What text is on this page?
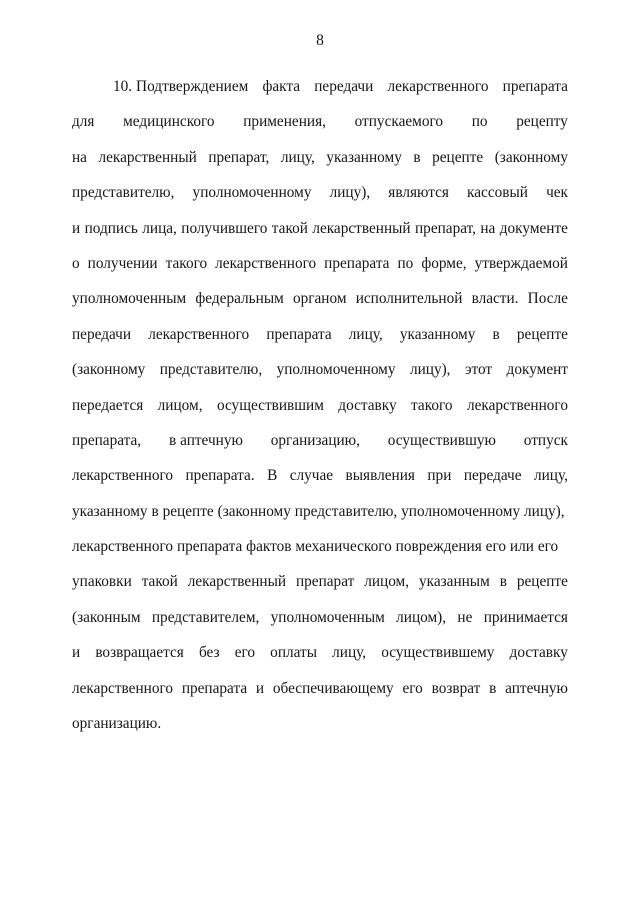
8
10. Подтверждением факта передачи лекарственного препарата
для медицинского применения, отпускаемого по рецепту
на лекарственный препарат, лицу, указанному в рецепте (законному
представителю, уполномоченному лицу), являются кассовый чек
и подпись лица, получившего такой лекарственный препарат, на документе
о получении такого лекарственного препарата по форме, утверждаемой
уполномоченным федеральным органом исполнительной власти. После
передачи лекарственного препарата лицу, указанному в рецепте
(законному представителю, уполномоченному лицу), этот документ
передается лицом, осуществившим доставку такого лекарственного
препарата, в аптечную организацию, осуществившую отпуск
лекарственного препарата. В случае выявления при передаче лицу,
указанному в рецепте (законному представителю, уполномоченному лицу),
лекарственного препарата фактов механического повреждения его или его
упаковки такой лекарственный препарат лицом, указанным в рецепте
(законным представителем, уполномоченным лицом), не принимается
и возвращается без его оплаты лицу, осуществившему доставку
лекарственного препарата и обеспечивающему его возврат в аптечную
организацию.
